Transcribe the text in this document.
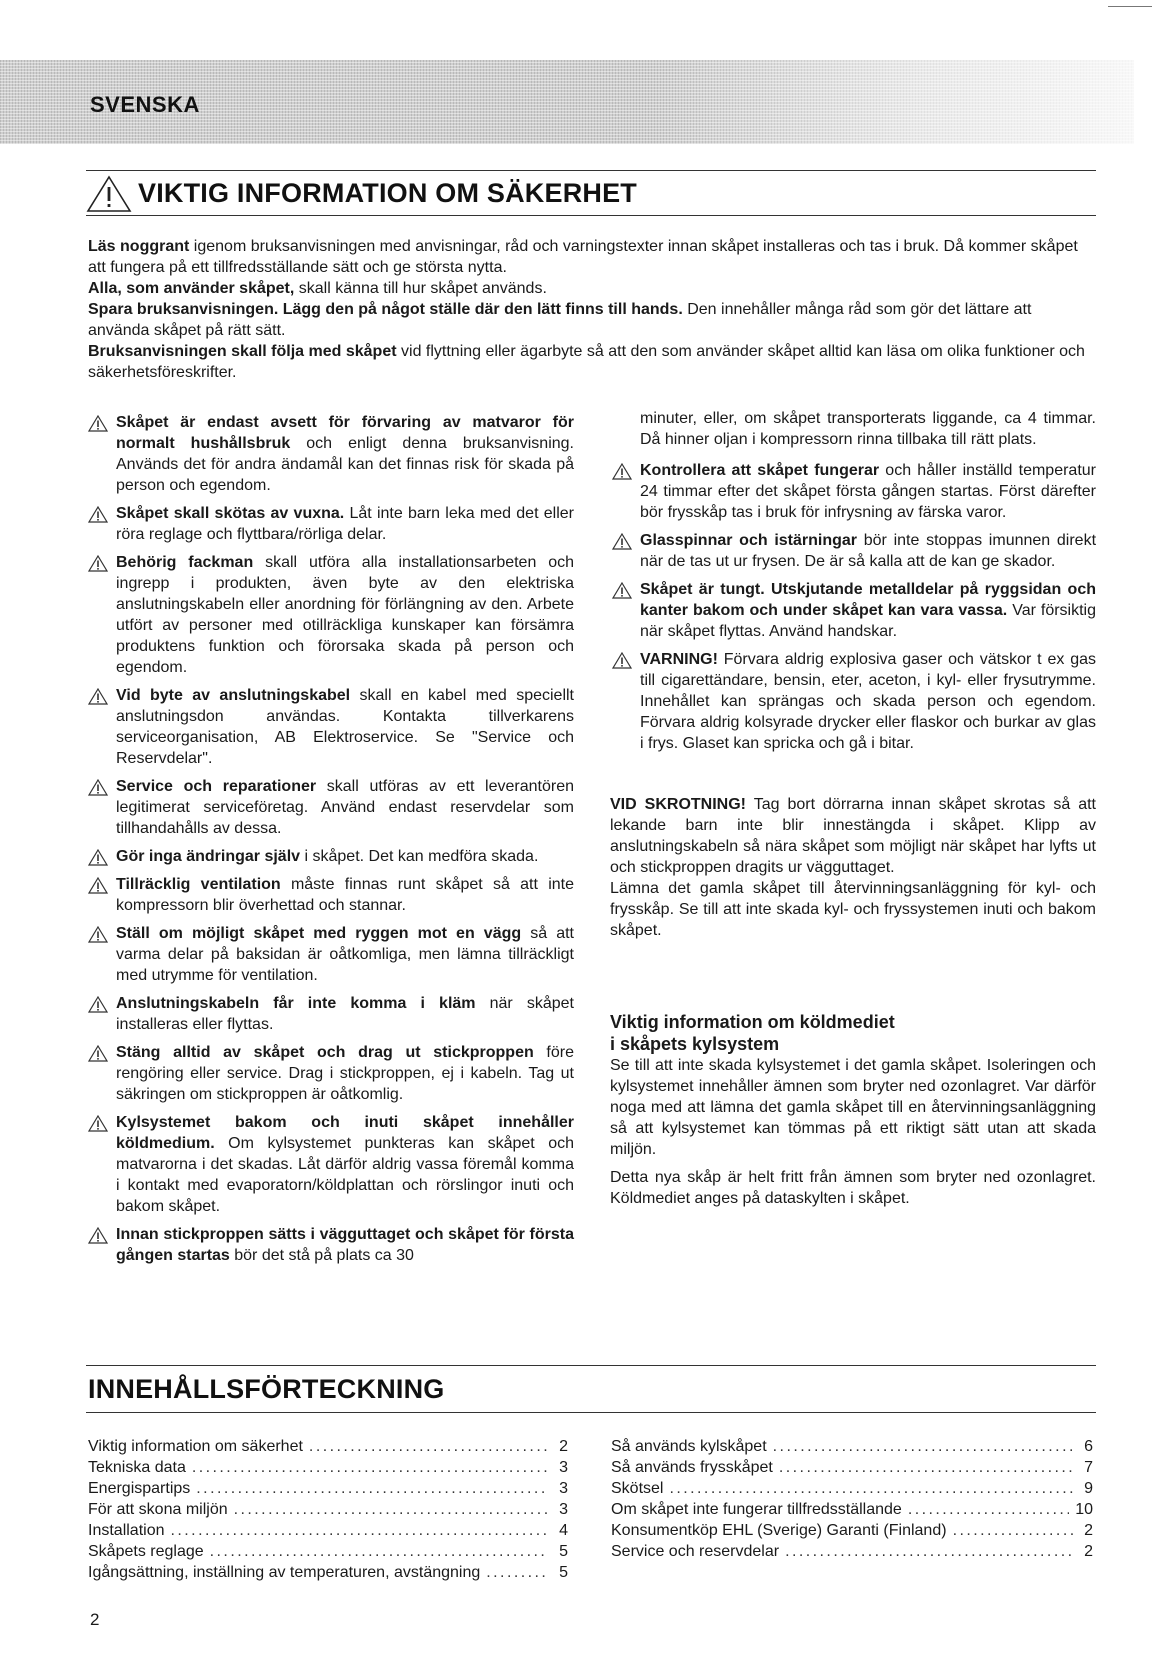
SVENSKA
VIKTIG INFORMATION OM SÄKERHET

Läs noggrant igenom bruksanvisningen med anvisningar, råd och varningstexter innan skåpet installeras och tas i bruk. Då kommer skåpet att fungera på ett tillfredsställande sätt och ge största nytta.

Alla, som använder skåpet, skall känna till hur skåpet används.

Spara bruksanvisningen. Lägg den på något ställe där den lätt finns till hands. Den innehåller många råd som gör det lättare att använda skåpet på rätt sätt.

Bruksanvisningen skall följa med skåpet vid flyttning eller ägarbyte så att den som använder skåpet alltid kan läsa om olika funktioner och säkerhetsföreskrifter.

Skåpet är endast avsett för förvaring av matvaror för normalt hushållsbruk och enligt denna bruksanvisning. Används det för andra ändamål kan det finnas risk för skada på person och egendom.
Skåpet skall skötas av vuxna. Låt inte barn leka med det eller röra reglage och flyttbara/rörliga delar.
Behörig fackman skall utföra alla installationsarbeten och ingrepp i produkten, även byte av den elektriska anslutningskabeln eller anordning för förlängning av den. Arbete utfört av personer med otillräckliga kunskaper kan försämra produktens funktion och förorsaka skada på person och egendom.
Vid byte av anslutningskabel skall en kabel med speciellt anslutningsdon användas. Kontakta tillverkarens serviceorganisation, AB Elektroservice. Se "Service och Reservdelar".
Service och reparationer skall utföras av ett leverantören legitimerat serviceföretag. Använd endast reservdelar som tillhandahålls av dessa.
Gör inga ändringar själv i skåpet. Det kan medföra skada.
Tillräcklig ventilation måste finnas runt skåpet så att inte kompressorn blir överhettad och stannar.
Ställ om möjligt skåpet med ryggen mot en vägg så att varma delar på baksidan är oåtkomliga, men lämna tillräckligt med utrymme för ventilation.
Anslutningskabeln får inte komma i kläm när skåpet installeras eller flyttas.
Stäng alltid av skåpet och drag ut stickproppen före rengöring eller service. Drag i stickproppen, ej i kabeln. Tag ut säkringen om stickproppen är oåtkomlig.
Kylsystemet bakom och inuti skåpet innehåller köldmedium. Om kylsystemet punkteras kan skåpet och matvarorna i det skadas. Låt därför aldrig vassa föremål komma i kontakt med evaporatorn/köldplattan och rörslingor inuti och bakom skåpet.
Innan stickproppen sätts i vägguttaget och skåpet för första gången startas bör det stå på plats ca 30
minuter, eller, om skåpet transporterats liggande, ca 4 timmar. Då hinner oljan i kompressorn rinna tillbaka till rätt plats.
Kontrollera att skåpet fungerar och håller inställd temperatur 24 timmar efter det skåpet första gången startas. Först därefter bör frysskåp tas i bruk för infrysning av färska varor.
Glasspinnar och istärningar bör inte stoppas imunnen direkt när de tas ut ur frysen. De är så kalla att de kan ge skador.
Skåpet är tungt. Utskjutande metalldelar på ryggsidan och kanter bakom och under skåpet kan vara vassa. Var försiktig när skåpet flyttas. Använd handskar.
VARNING! Förvara aldrig explosiva gaser och vätskor t ex gas till cigarettändare, bensin, eter, aceton, i kyl- eller frysutrymme. Innehållet kan sprängas och skada person och egendom. Förvara aldrig kolsyrade drycker eller flaskor och burkar av glas i frys. Glaset kan spricka och gå i bitar.

VID SKROTNING! Tag bort dörrarna innan skåpet skrotas så att lekande barn inte blir innestängda i skåpet. Klipp av anslutningskabeln så nära skåpet som möjligt när skåpet har lyfts ut och stickproppen dragits ur vägguttaget.

Lämna det gamla skåpet till återvinningsanläggning för kyl- och frysskåp. Se till att inte skada kyl- och fryssystemen inuti och bakom skåpet.

Viktig information om köldmediet
i skåpets kylsystem

Se till att inte skada kylsystemet i det gamla skåpet. Isoleringen och kylsystemet innehåller ämnen som bryter ned ozonlagret. Var därför noga med att lämna det gamla skåpet till en återvinningsanläggning så att kylsystemet kan tömmas på ett riktigt sätt utan att skada miljön.

Detta nya skåp är helt fritt från ämnen som bryter ned ozonlagret. Köldmediet anges på dataskylten i skåpet.

INNEHÅLLSFÖRTECKNING
Viktig information om säkerhet . . .	2
Tekniska data . . .	3
Energispartips . . .	3
För att skona miljön . . .	3
Installation . . .	4
Skåpets reglage . . .	5
Igångsättning, inställning av temperaturen, avstängning . . .	5
Så används kylskåpet . . .	6
Så används frysskåpet . . .	7
Skötsel . . .	9
Om skåpet inte fungerar tillfredsställande . . .	10
Konsumentköp EHL (Sverige) Garanti (Finland) . . .	2
Service och reservdelar . . .	2
2
